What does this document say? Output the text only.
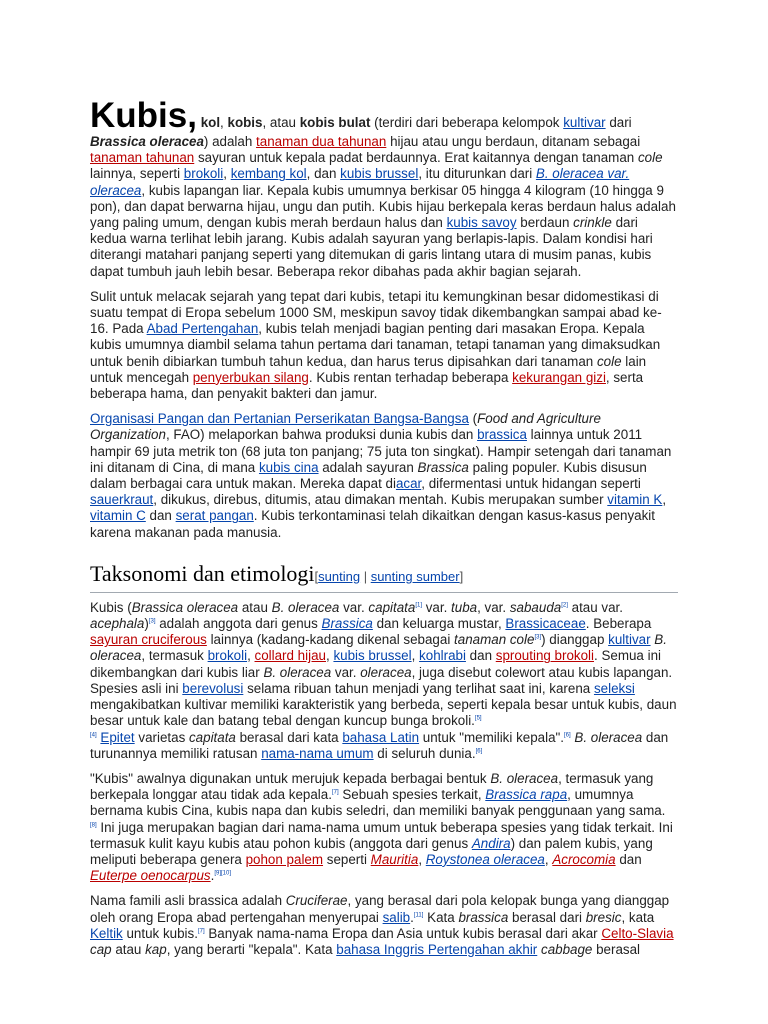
Kubis, kol, kobis, atau kobis bulat (terdiri dari beberapa kelompok kultivar dari Brassica oleracea) adalah tanaman dua tahunan hijau atau ungu berdaun, ditanam sebagai tanaman tahunan sayuran untuk kepala padat berdaunnya. Erat kaitannya dengan tanaman cole lainnya, seperti brokoli, kembang kol, dan kubis brussel, itu diturunkan dari B. oleracea var. oleracea, kubis lapangan liar. Kepala kubis umumnya berkisar 05 hingga 4 kilogram (10 hingga 9 pon), dan dapat berwarna hijau, ungu dan putih. Kubis hijau berkepala keras berdaun halus adalah yang paling umum, dengan kubis merah berdaun halus dan kubis savoy berdaun crinkle dari kedua warna terlihat lebih jarang. Kubis adalah sayuran yang berlapis-lapis. Dalam kondisi hari diterangi matahari panjang seperti yang ditemukan di garis lintang utara di musim panas, kubis dapat tumbuh jauh lebih besar. Beberapa rekor dibahas pada akhir bagian sejarah.

Sulit untuk melacak sejarah yang tepat dari kubis, tetapi itu kemungkinan besar didomestikasi di suatu tempat di Eropa sebelum 1000 SM, meskipun savoy tidak dikembangkan sampai abad ke-16. Pada Abad Pertengahan, kubis telah menjadi bagian penting dari masakan Eropa. Kepala kubis umumnya diambil selama tahun pertama dari tanaman, tetapi tanaman yang dimaksudkan untuk benih dibiarkan tumbuh tahun kedua, dan harus terus dipisahkan dari tanaman cole lain untuk mencegah penyerbukan silang. Kubis rentan terhadap beberapa kekurangan gizi, serta beberapa hama, dan penyakit bakteri dan jamur.

Organisasi Pangan dan Pertanian Perserikatan Bangsa-Bangsa (Food and Agriculture Organization, FAO) melaporkan bahwa produksi dunia kubis dan brassica lainnya untuk 2011 hampir 69 juta metrik ton (68 juta ton panjang; 75 juta ton singkat). Hampir setengah dari tanaman ini ditanam di Cina, di mana kubis cina adalah sayuran Brassica paling populer. Kubis disusun dalam berbagai cara untuk makan. Mereka dapat diacar, difermentasi untuk hidangan seperti sauerkraut, dikukus, direbus, ditumis, atau dimakan mentah. Kubis merupakan sumber vitamin K, vitamin C dan serat pangan. Kubis terkontaminasi telah dikaitkan dengan kasus-kasus penyakit karena makanan pada manusia.

Taksonomi dan etimologi[sunting | sunting sumber]

Kubis (Brassica oleracea atau B. oleracea var. capitata[1] var. tuba, var. sabauda[2] atau var. acephala)[3] adalah anggota dari genus Brassica dan keluarga mustar, Brassicaceae. Beberapa sayuran cruciferous lainnya (kadang-kadang dikenal sebagai tanaman cole[3]) dianggap kultivar B. oleracea, termasuk brokoli, collard hijau, kubis brussel, kohlrabi dan sprouting brokoli. Semua ini dikembangkan dari kubis liar B. oleracea var. oleracea, juga disebut colewort atau kubis lapangan. Spesies asli ini berevolusi selama ribuan tahun menjadi yang terlihat saat ini, karena seleksi mengakibatkan kultivar memiliki karakteristik yang berbeda, seperti kepala besar untuk kubis, daun besar untuk kale dan batang tebal dengan kuncup bunga brokoli.[5]
[4] Epitet varietas capitata berasal dari kata bahasa Latin untuk "memiliki kepala".[6] B. oleracea dan turunannya memiliki ratusan nama-nama umum di seluruh dunia.[6]

"Kubis" awalnya digunakan untuk merujuk kepada berbagai bentuk B. oleracea, termasuk yang berkepala longgar atau tidak ada kepala.[7] Sebuah spesies terkait, Brassica rapa, umumnya bernama kubis Cina, kubis napa dan kubis seledri, dan memiliki banyak penggunaan yang sama.
[8] Ini juga merupakan bagian dari nama-nama umum untuk beberapa spesies yang tidak terkait. Ini termasuk kulit kayu kubis atau pohon kubis (anggota dari genus Andira) dan palem kubis, yang meliputi beberapa genera pohon palem seperti Mauritia, Roystonea oleracea, Acrocomia dan Euterpe oenocarpus.[9][10]

Nama famili asli brassica adalah Cruciferae, yang berasal dari pola kelopak bunga yang dianggap oleh orang Eropa abad pertengahan menyerupai salib.[11] Kata brassica berasal dari bresic, kata Keltik untuk kubis.[7] Banyak nama-nama Eropa dan Asia untuk kubis berasal dari akar Celto-Slavia cap atau kap, yang berarti "kepala". Kata bahasa Inggris Pertengahan akhir cabbage berasal
